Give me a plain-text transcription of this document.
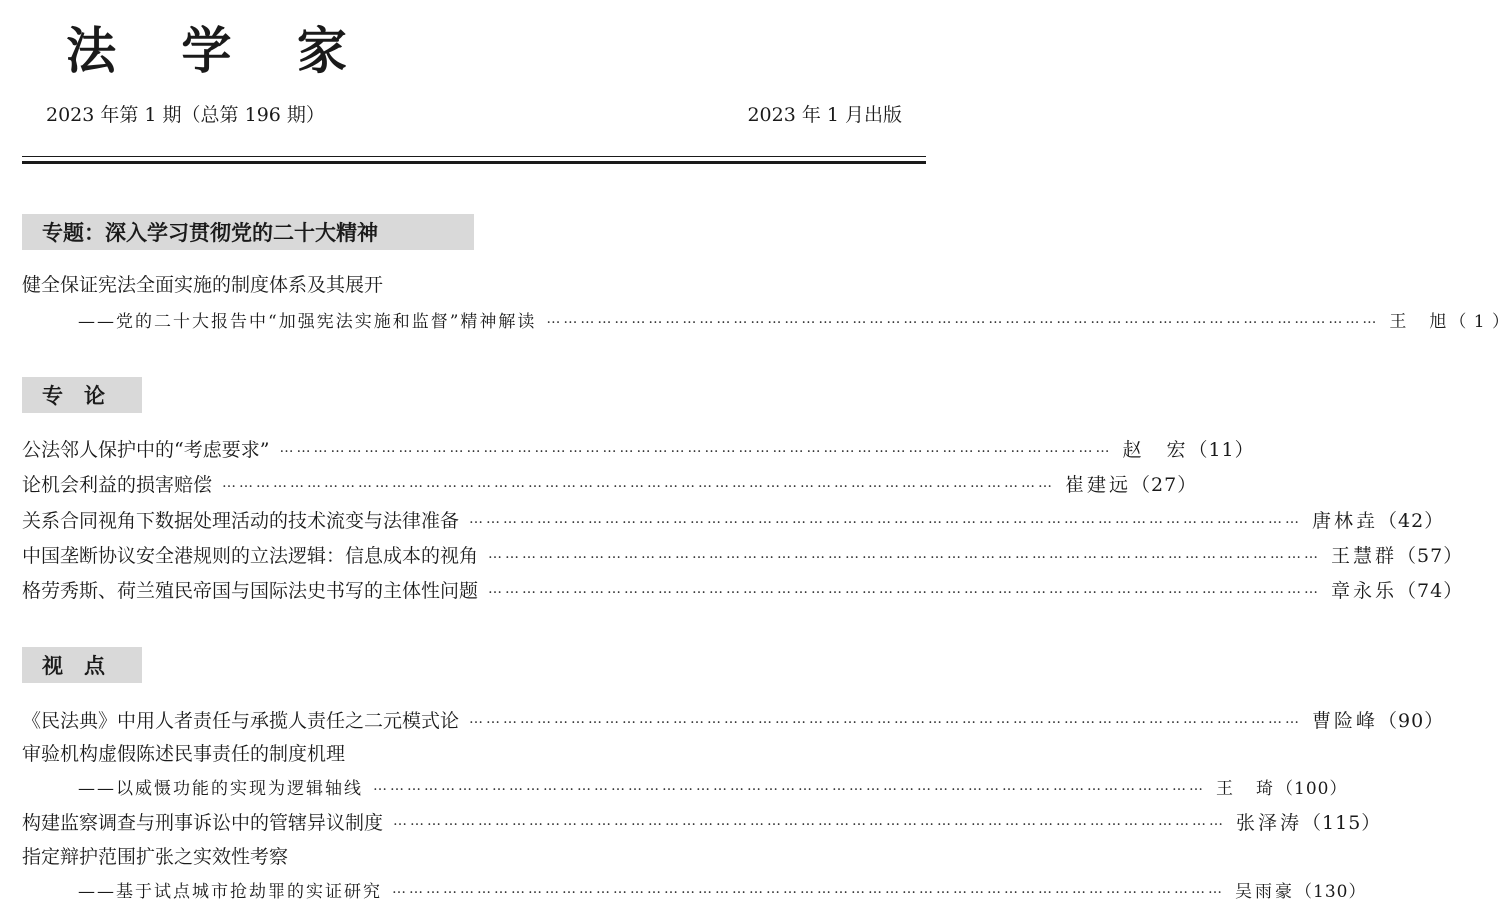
法 学 家
2023 年第 1 期（总第 196 期）	2023 年 1 月出版
专题：深入学习贯彻党的二十大精神
健全保证宪法全面实施的制度体系及其展开
——党的二十大报告中“加强宪法实施和监督”精神解读 ………………………………………………………………………………………………………………………………… 王　旭 （ 1 ）
专　论
公法邻人保护中的“考虑要求” ………………………………………………………………………………………………………………………………… 赵　宏 （11）
论机会利益的损害赔偿 ………………………………………………………………………………………………………………………………… 崔建远 （27）
关系合同视角下数据处理活动的技术流变与法律准备 ………………………………………………………………………………………………………………………………… 唐林垚 （42）
中国垄断协议安全港规则的立法逻辑：信息成本的视角 ………………………………………………………………………………………………………………………………… 王慧群 （57）
格劳秀斯、荷兰殖民帝国与国际法史书写的主体性问题 ………………………………………………………………………………………………………………………………… 章永乐 （74）
视　点
《民法典》中用人者责任与承揽人责任之二元模式论 ………………………………………………………………………………………………………………………………… 曹险峰 （90）
审验机构虚假陈述民事责任的制度机理
——以威慑功能的实现为逻辑轴线 ………………………………………………………………………………………………………………………………… 王　琦 （100）
构建监察调查与刑事诉讼中的管辖异议制度 ………………………………………………………………………………………………………………………………… 张泽涛 （115）
指定辩护范围扩张之实效性考察
——基于试点城市抢劫罪的实证研究 ………………………………………………………………………………………………………………………………… 吴雨豪 （130）
